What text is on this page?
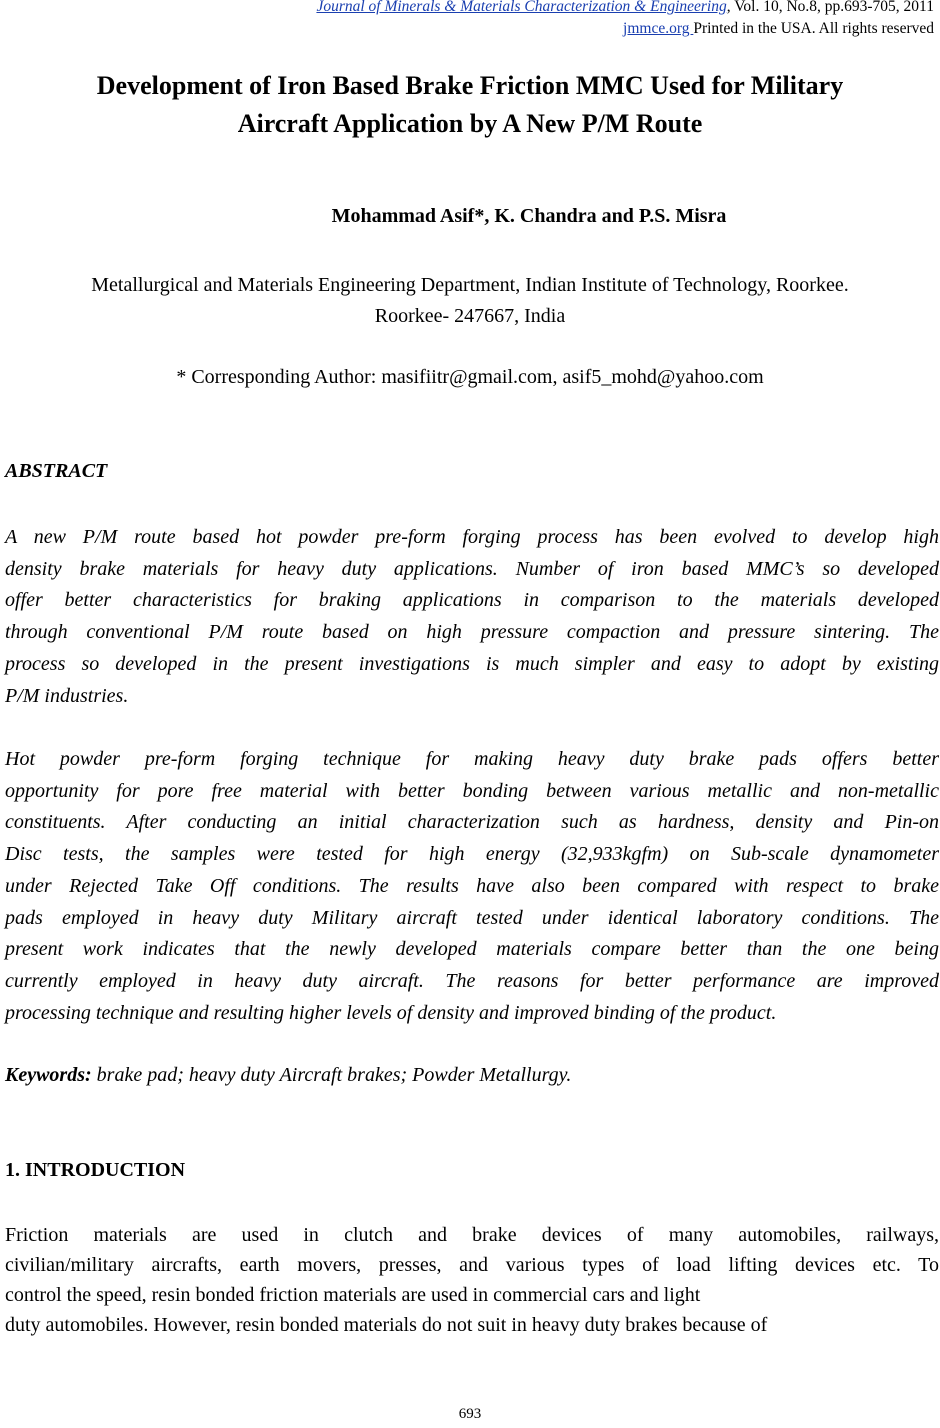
Journal of Minerals & Materials Characterization & Engineering, Vol. 10, No.8, pp.693-705, 2011
jmmce.org Printed in the USA. All rights reserved
Development of Iron Based Brake Friction MMC Used for Military
Aircraft Application by A New P/M Route
Mohammad Asif*, K. Chandra and P.S. Misra
Metallurgical and Materials Engineering Department, Indian Institute of Technology, Roorkee.
Roorkee- 247667, India
* Corresponding Author: masifiitr@gmail.com, asif5_mohd@yahoo.com
ABSTRACT
A new P/M route based hot powder pre-form forging process has been evolved to develop high
density brake materials for heavy duty applications. Number of iron based MMC’s so developed
offer better characteristics for braking applications in comparison to the materials developed
through conventional P/M route based on high pressure compaction and pressure sintering. The
process so developed in the present investigations is much simpler and easy to adopt by existing
P/M industries.
Hot powder pre-form forging technique for making heavy duty brake pads offers better
opportunity for pore free material with better bonding between various metallic and non-metallic
constituents. After conducting an initial characterization such as hardness, density and Pin-on
Disc tests, the samples were tested for high energy (32,933kgfm) on Sub-scale dynamometer
under Rejected Take Off conditions. The results have also been compared with respect to brake
pads employed in heavy duty Military aircraft tested under identical laboratory conditions. The
present work indicates that the newly developed materials compare better than the one being
currently employed in heavy duty aircraft. The reasons for better performance are improved
processing technique and resulting higher levels of density and improved binding of the product.
Keywords: brake pad; heavy duty Aircraft brakes; Powder Metallurgy.
1. INTRODUCTION
Friction materials are used in clutch and brake devices of many automobiles, railways,
civilian/military aircrafts, earth movers, presses, and various types of load lifting devices etc. To
control the speed, resin bonded friction materials are used in commercial cars and light
duty automobiles. However, resin bonded materials do not suit in heavy duty brakes because of
693
